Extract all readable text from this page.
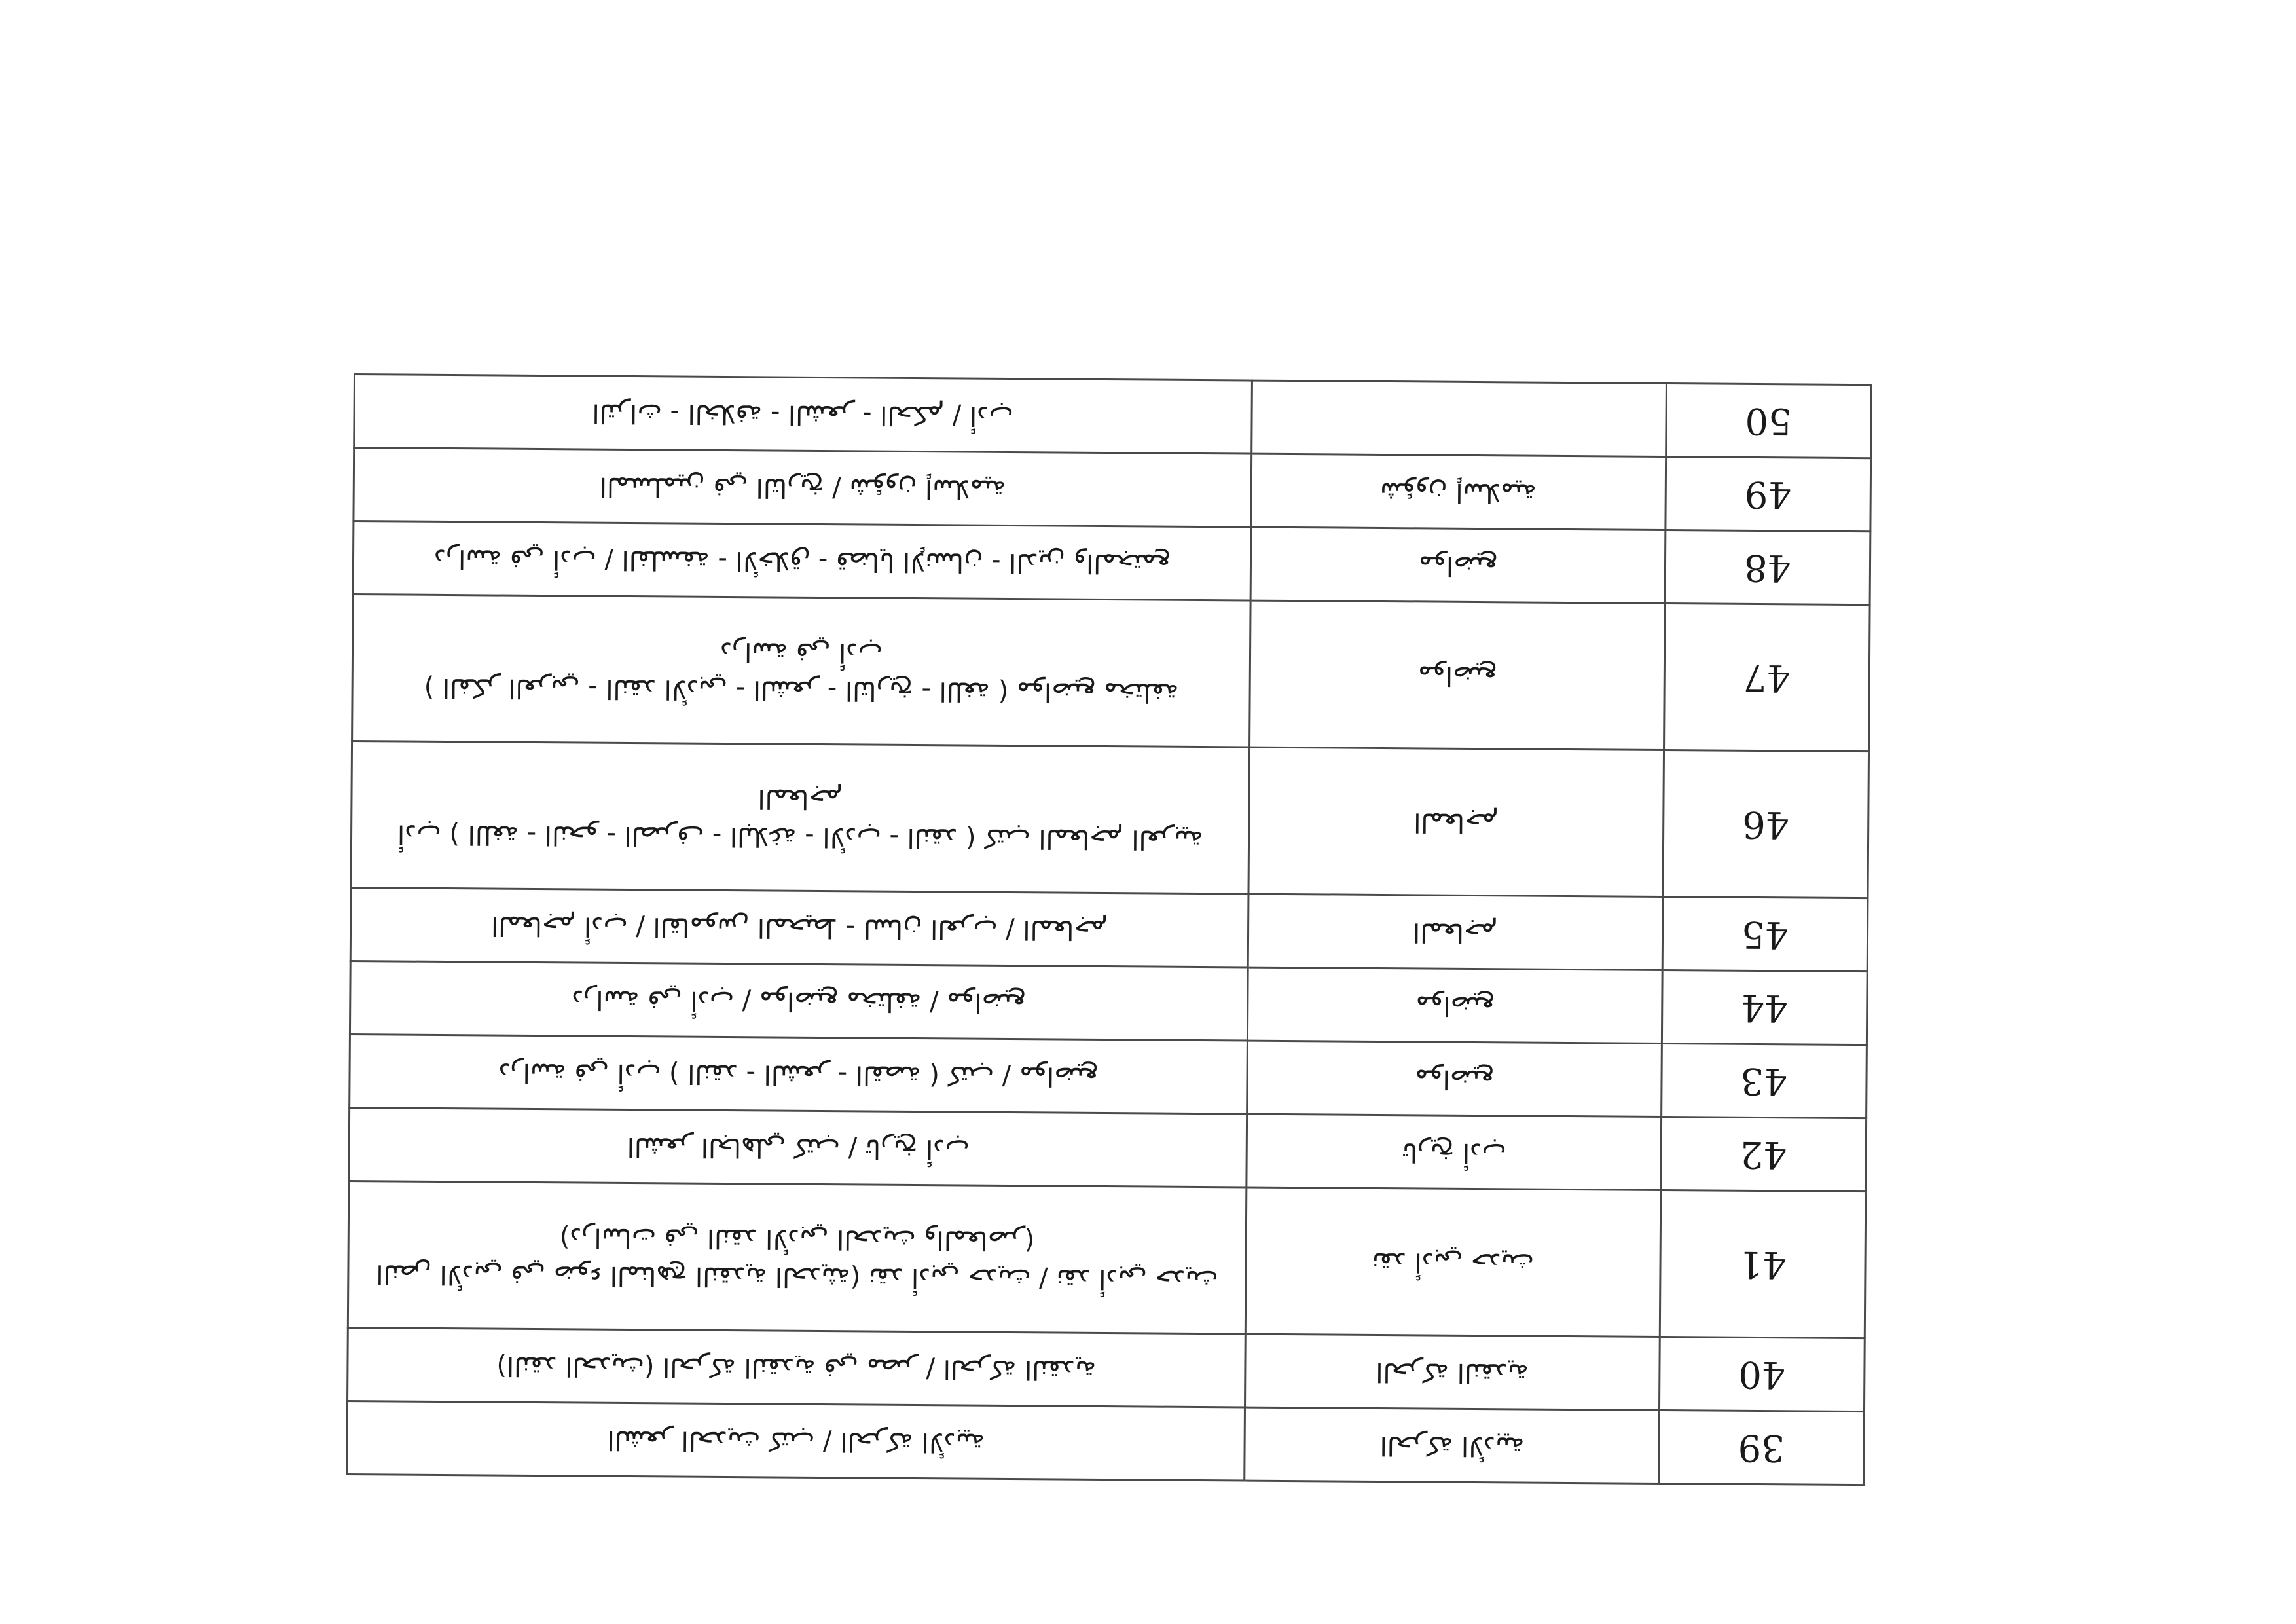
ﺍﻟﺘﺮﺍﺙ - ﺍﻟﺨﻼﻓﺔ - ﺍﻟﺸﻌﺮ - ﺍﻟﺤﻜﻢ / ﺃﺩﺏ		50

ﺍﻟﻤﺴﻠﻤﻴﻦ ﻓﻲ ﺍﻟﺘﺎﺭﻳﺦ / ﺷﺆﻭﻥ ﺇﺳﻼﻣﻴﺔ	ﺷﺆﻭﻥ ﺇﺳﻼﻣﻴﺔ	49

ﺩﺭﺍﺳﺔ ﻓﻲ ﺃﺩﺏ / ﺍﻟﻔﻠﺴﻔﺔ - ﺍﻷﺧﻼﻕ - ﻗﻀﺎﻳﺎ ﺍﻹﻧﺴﺎﻥ - ﺍﻟﺪﻳﻦ ﻭﺍﻟﻤﺠﺘﻤﻊ	ﻣﻮﺍﺿﻴﻊ	48

ﺩﺭﺍﺳﺔ ﻓﻲ ﺃﺩﺏ
( ﺍﻟﻔﻜﺮ ﺍﻟﻌﺮﺑﻲ - ﺍﻟﻨﻘﺪ ﺍﻷﺩﺑﻲ - ﺍﻟﺸﻌﺮ - ﺍﻟﺘﺎﺭﻳﺦ - ﺍﻟﻠﻐﺔ ) ﻣﻮﺍﺿﻴﻊ ﻣﺨﺘﻠﻔﺔ	ﻣﻮﺍﺿﻴﻊ	47

ﺍﻟﻤﻌﺎﺟﻢ
ﺃﺩﺏ ( ﺍﻟﻠﻐﺔ - ﺍﻟﻨﺤﻮ - ﺍﻟﺼﺮﻑ - ﺍﻟﺒﻼﻏﺔ - ﺍﻷﺩﺏ - ﺍﻟﻨﻘﺪ ) ﻛﺘﺐ ﺍﻟﻤﻌﺎﺟﻢ ﺍﻟﻌﺮﺑﻴﺔ	ﺍﻟﻤﻌﺎﺟﻢ	46

ﺍﻟﻤﻌﺎﺟﻢ ﺃﺩﺏ / ﺍﻟﻘﺎﻣﻮﺱ ﺍﻟﻤﺤﻴﻂ - ﻟﺴﺎﻥ ﺍﻟﻌﺮﺏ / ﺍﻟﻤﻌﺎﺟﻢ	ﺍﻟﻤﻌﺎﺟﻢ	45

ﺩﺭﺍﺳﺔ ﻓﻲ ﺃﺩﺏ / ﻣﻮﺍﺿﻴﻊ ﻣﺨﺘﻠﻔﺔ / ﻣﻮﺍﺿﻴﻊ	ﻣﻮﺍﺿﻴﻊ	44

ﺩﺭﺍﺳﺔ ﻓﻲ ﺃﺩﺏ ( ﺍﻟﻨﻘﺪ - ﺍﻟﺸﻌﺮ - ﺍﻟﻘﺼﺔ ) ﻛﺘﺐ / ﻣﻮﺍﺿﻴﻊ	ﻣﻮﺍﺿﻴﻊ	43

ﺍﻟﺸﻌﺮ ﺍﻟﺠﺎﻫﻠﻲ ﻛﺘﺐ / ﺗﺎﺭﻳﺦ ﺃﺩﺏ	ﺗﺎﺭﻳﺦ ﺃﺩﺏ	42

(ﺩﺭﺍﺳﺎﺕ ﻓﻲ ﺍﻟﻨﻘﺪ ﺍﻷﺩﺑﻲ ﺍﻟﺤﺪﻳﺚ ﻭﺍﻟﻤﻌﺎﺻﺮ)
ﺍﻟﻨﺺ ﺍﻷﺩﺑﻲ ﻓﻲ ﺿﻮﺀ ﺍﻟﻤﻨﺎﻫﺞ ﺍﻟﻨﻘﺪﻳﺔ ﺍﻟﺤﺪﻳﺜﺔ) ﻧﻘﺪ ﺃﺩﺑﻲ ﺣﺪﻳﺚ / ﻧﻘﺪ ﺃﺩﺑﻲ ﺣﺪﻳﺚ	ﻧﻘﺪ ﺃﺩﺑﻲ ﺣﺪﻳﺚ	41

(ﺍﻟﻨﻘﺪ ﺍﻟﺤﺪﻳﺚ) ﺍﻟﺤﺮﻛﺔ ﺍﻟﻨﻘﺪﻳﺔ ﻓﻲ ﻣﺼﺮ / ﺍﻟﺤﺮﻛﺔ ﺍﻟﻨﻘﺪﻳﺔ	ﺍﻟﺤﺮﻛﺔ ﺍﻟﻨﻘﺪﻳﺔ	40

ﺍﻟﺸﻌﺮ ﺍﻟﺤﺪﻳﺚ ﻛﺘﺐ / ﺍﻟﺤﺮﻛﺔ ﺍﻷﺩﺑﻴﺔ	ﺍﻟﺤﺮﻛﺔ ﺍﻷﺩﺑﻴﺔ	39
